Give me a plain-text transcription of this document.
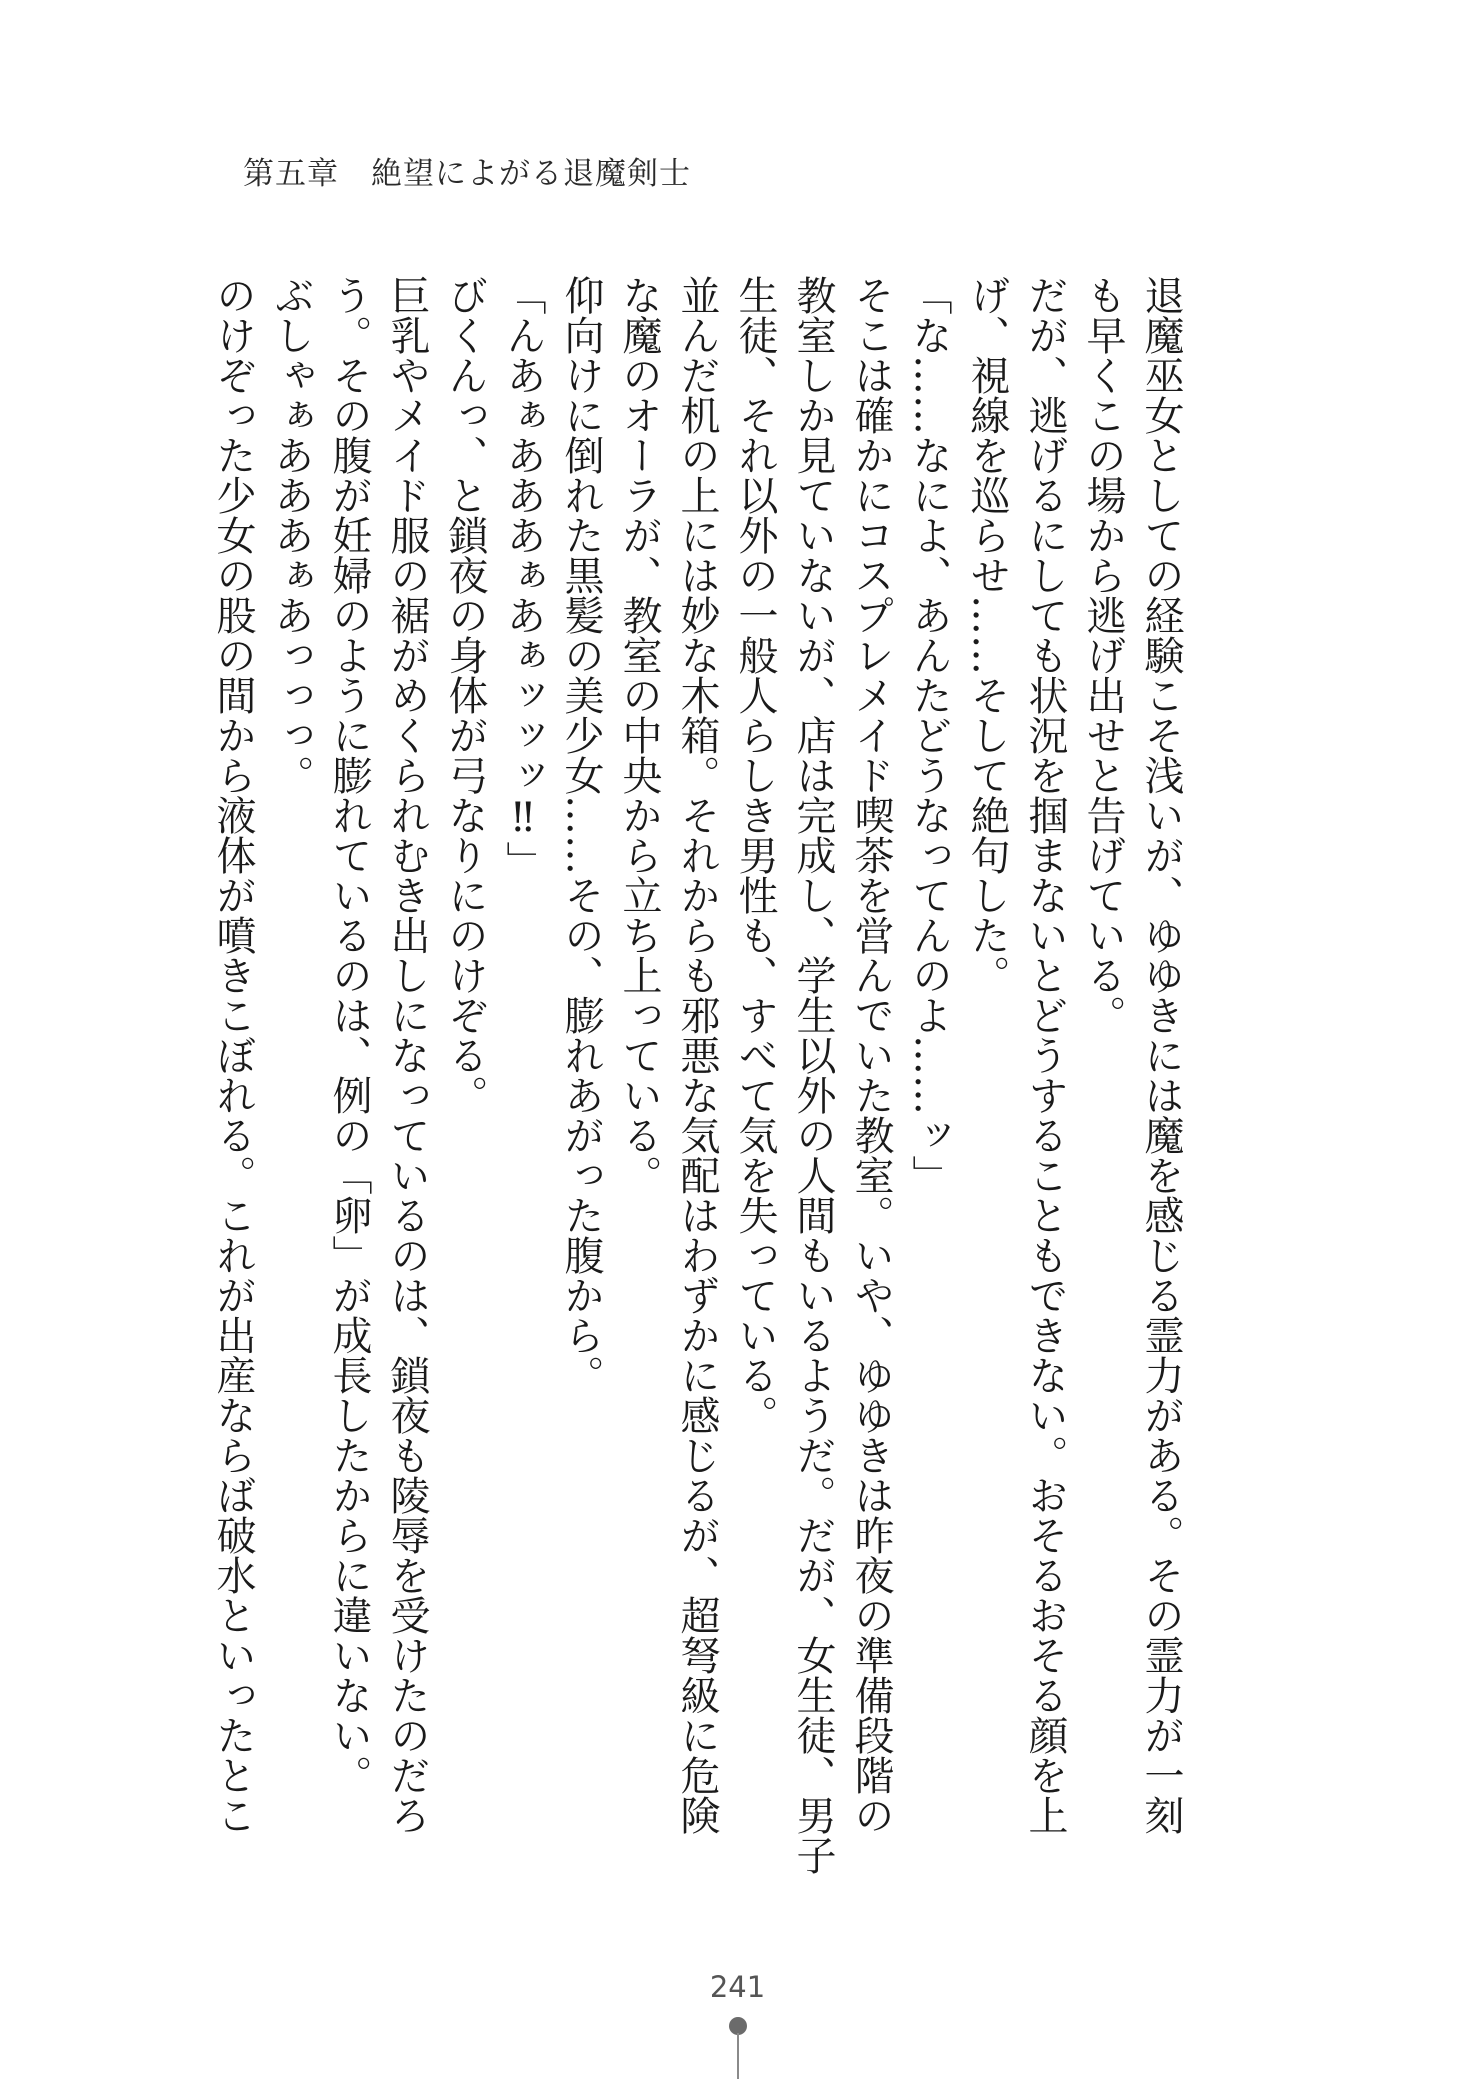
第五章　絶望によがる退魔剣士
退魔巫女としての経験こそ浅いが、ゆゆきには魔を感じる霊力がある。その霊力が一刻
も早くこの場から逃げ出せと告げている。
だが、逃げるにしても状況を掴まないとどうすることもできない。おそるおそる顔を上
げ、視線を巡らせ……そして絶句した。
「な……なによ、あんたどうなってんのよ……ッ」
そこは確かにコスプレメイド喫茶を営んでいた教室。いや、ゆゆきは昨夜の準備段階の
教室しか見ていないが、店は完成し、学生以外の人間もいるようだ。だが、女生徒、男子
生徒、それ以外の一般人らしき男性も、すべて気を失っている。
並んだ机の上には妙な木箱。それからも邪悪な気配はわずかに感じるが、超弩級に危険
な魔のオーラが、教室の中央から立ち上っている。
仰向けに倒れた黒髪の美少女……その、膨れあがった腹から。
「んあぁあああぁあぁッッッ‼」
びくんっ、と鎖夜の身体が弓なりにのけぞる。
巨乳やメイド服の裾がめくられむき出しになっているのは、鎖夜も陵辱を受けたのだろ
う。その腹が妊婦のように膨れているのは、例の「卵」が成長したからに違いない。
ぶしゃぁあああぁあっっっ。
のけぞった少女の股の間から液体が噴きこぼれる。これが出産ならば破水といったとこ
241
